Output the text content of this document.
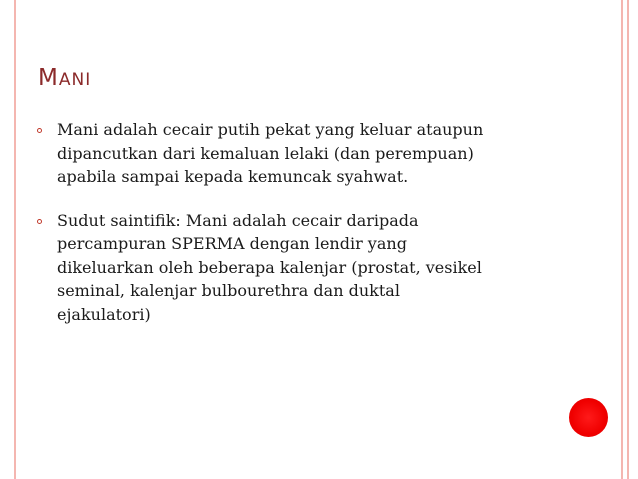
MANI
Mani adalah cecair putih pekat yang keluar ataupun
dipancutkan dari kemaluan lelaki (dan perempuan)
apabila sampai kepada kemuncak syahwat.
Sudut saintifik: Mani adalah cecair daripada
percampuran SPERMA dengan lendir yang
dikeluarkan oleh beberapa kalenjar (prostat, vesikel
seminal, kalenjar bulbourethra dan duktal
ejakulatori)
